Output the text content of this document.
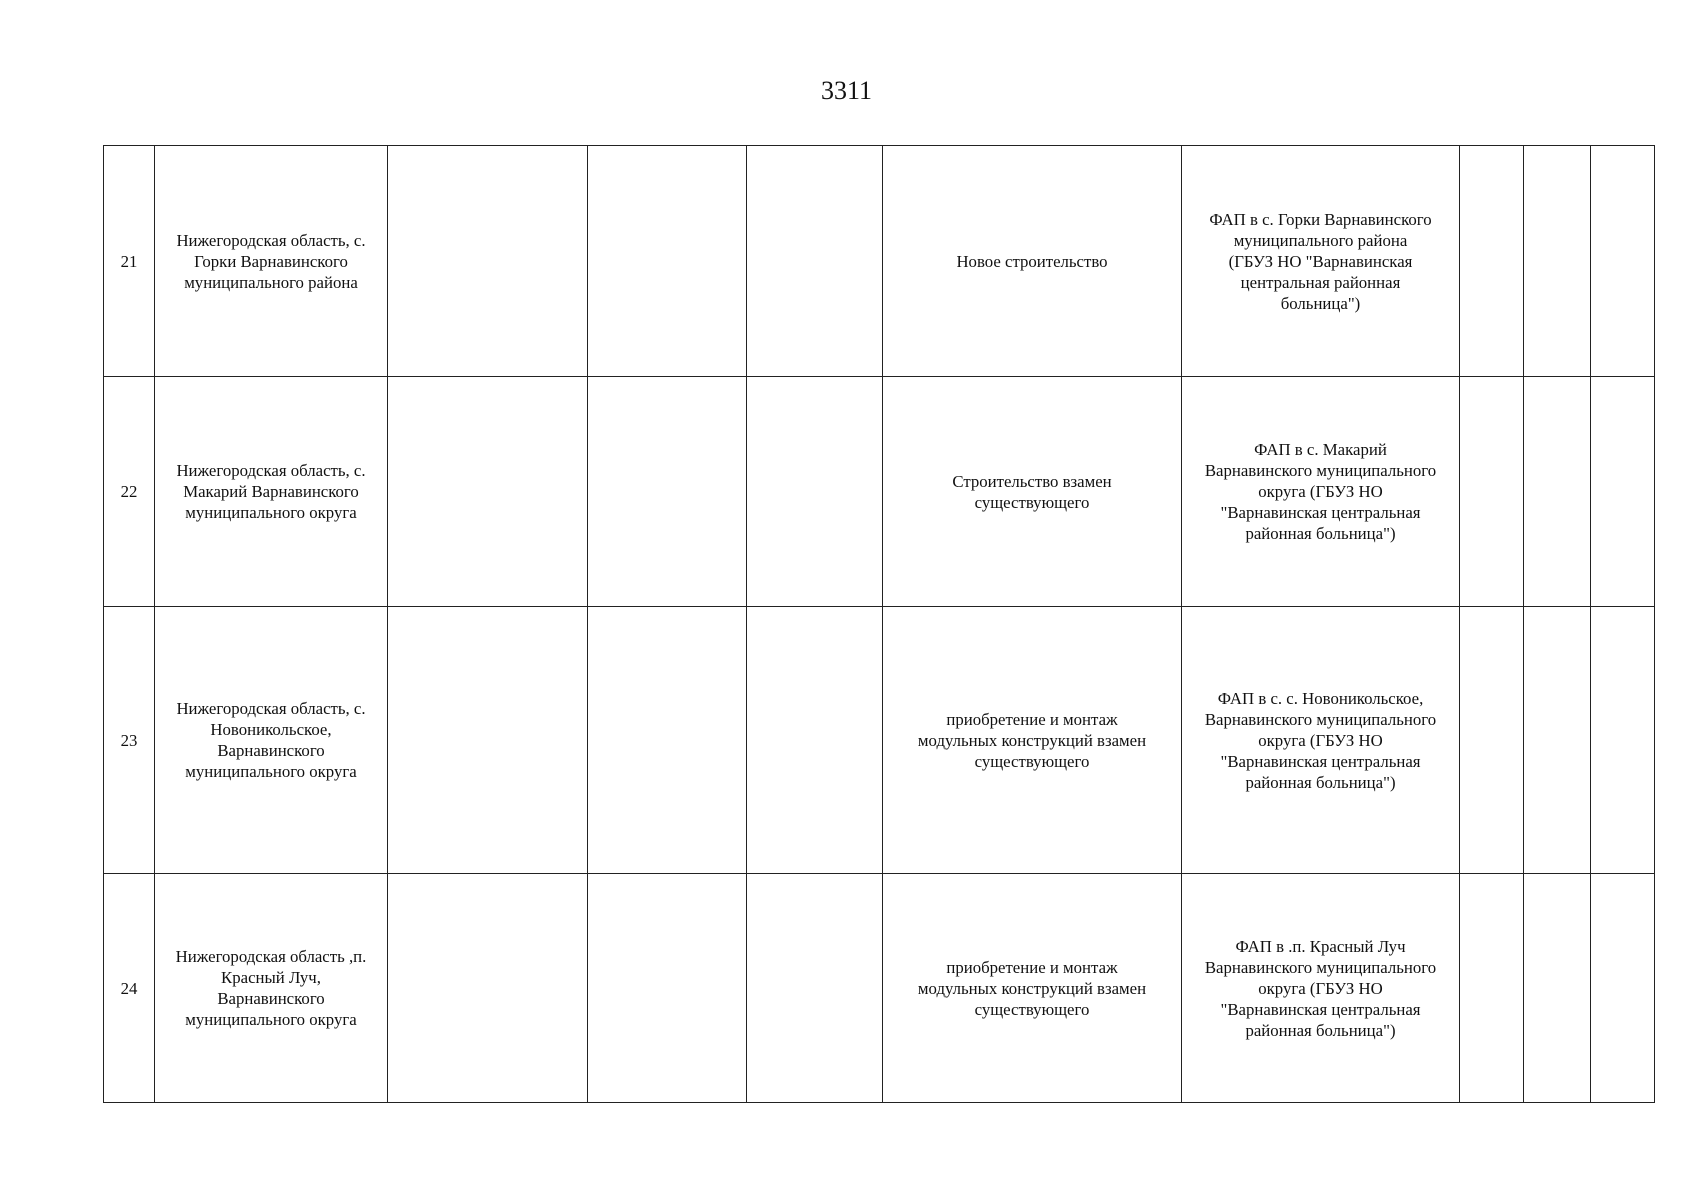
3311
21	Нижегородская область, с.
Горки Варнавинского
муниципального района				Новое строительство	ФАП в с. Горки Варнавинского
муниципального района
(ГБУЗ НО "Варнавинская
центральная районная
больница")			

22	Нижегородская область, с.
Макарий Варнавинского
муниципального округа				Строительство взамен
существующего	ФАП в с. Макарий
Варнавинского муниципального
округа (ГБУЗ НО
"Варнавинская центральная
районная больница")			

23	Нижегородская область, с.
Новоникольское,
Варнавинского
муниципального округа				приобретение и монтаж
модульных конструкций взамен
существующего	ФАП в с. с. Новоникольское,
Варнавинского муниципального
округа (ГБУЗ НО
"Варнавинская центральная
районная больница")			

24	Нижегородская область ,п.
Красный Луч,
Варнавинского
муниципального округа				приобретение и монтаж
модульных конструкций взамен
существующего	ФАП в .п. Красный Луч
Варнавинского муниципального
округа (ГБУЗ НО
"Варнавинская центральная
районная больница")			
